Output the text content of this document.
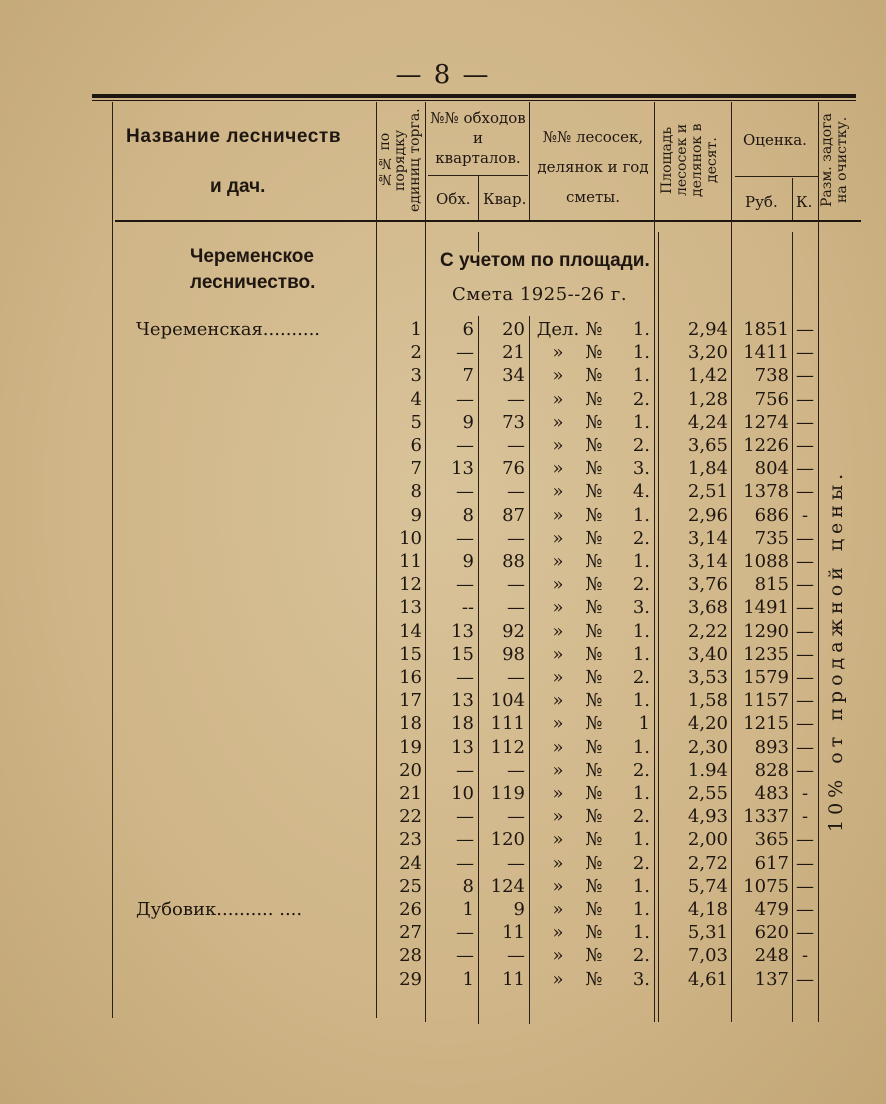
— 8 —
Название лесничеств
и дач.	№№ по порядку единиц торга. №№ обходов и кварталов.
Обх. Квар.
№№ лесосек, делянок и год сметы.
Площадь лесосек и делянок в десят. Оценка.
Руб. К. Разм. задога на очистку.
Черемeнское
лесничество.
С учетом по площади.
Смета 1925--26 г.
10% от продажной цены.
Черемeнская..........	1	6	20 Дел. №	1.	2,94 1851 —
2	—	21	»	№	1.	3,20 1411 —
3	7	34	»	№	1.	1,42	738 —
4	—	—	»	№	2.	1,28	756 —
5	9	73	»	№	1.	4,24 1274 —
6	—	—	»	№	2.	3,65 1226 —
7	13	76	»	№	3.	1,84	804 —
8	—	—	»	№	4.	2,51 1378 —
9	8	87	»	№	1.	2,96	686 -
10	—	—	»	№	2.	3,14	735 —
11	9	88	»	№	1.	3,14 1088 —
12	—	—	»	№	2.	3,76	815 —
13	--	—	»	№	3.	3,68 1491 —
14	13	92	»	№	1.	2,22 1290 —
15	15	98	»	№	1.	3,40 1235 —
16	—	—	»	№	2.	3,53 1579 —
17	13 104	»	№	1.	1,58 1157 —
18	18 111	»	№	1	4,20 1215 —
19	13 112	»	№	1.	2,30	893 —
20	—	—	»	№	2.	1.94	828 —
21	10 119	»	№	1.	2,55	483 -
22	—	—	»	№	2.	4,93 1337 -
23	— 120	»	№	1.	2,00	365 —
24	—	—	»	№	2.	2,72	617 —
25	8 124	»	№	1.	5,74 1075 —
Дубовик.......... ....	26	1	9	»	№	1.	4,18	479 —
27	—	11	»	№	1.	5,31	620 —
28	—	—	»	№	2.	7,03	248 -
29	1	11	»	№	3.	4,61	137 —
